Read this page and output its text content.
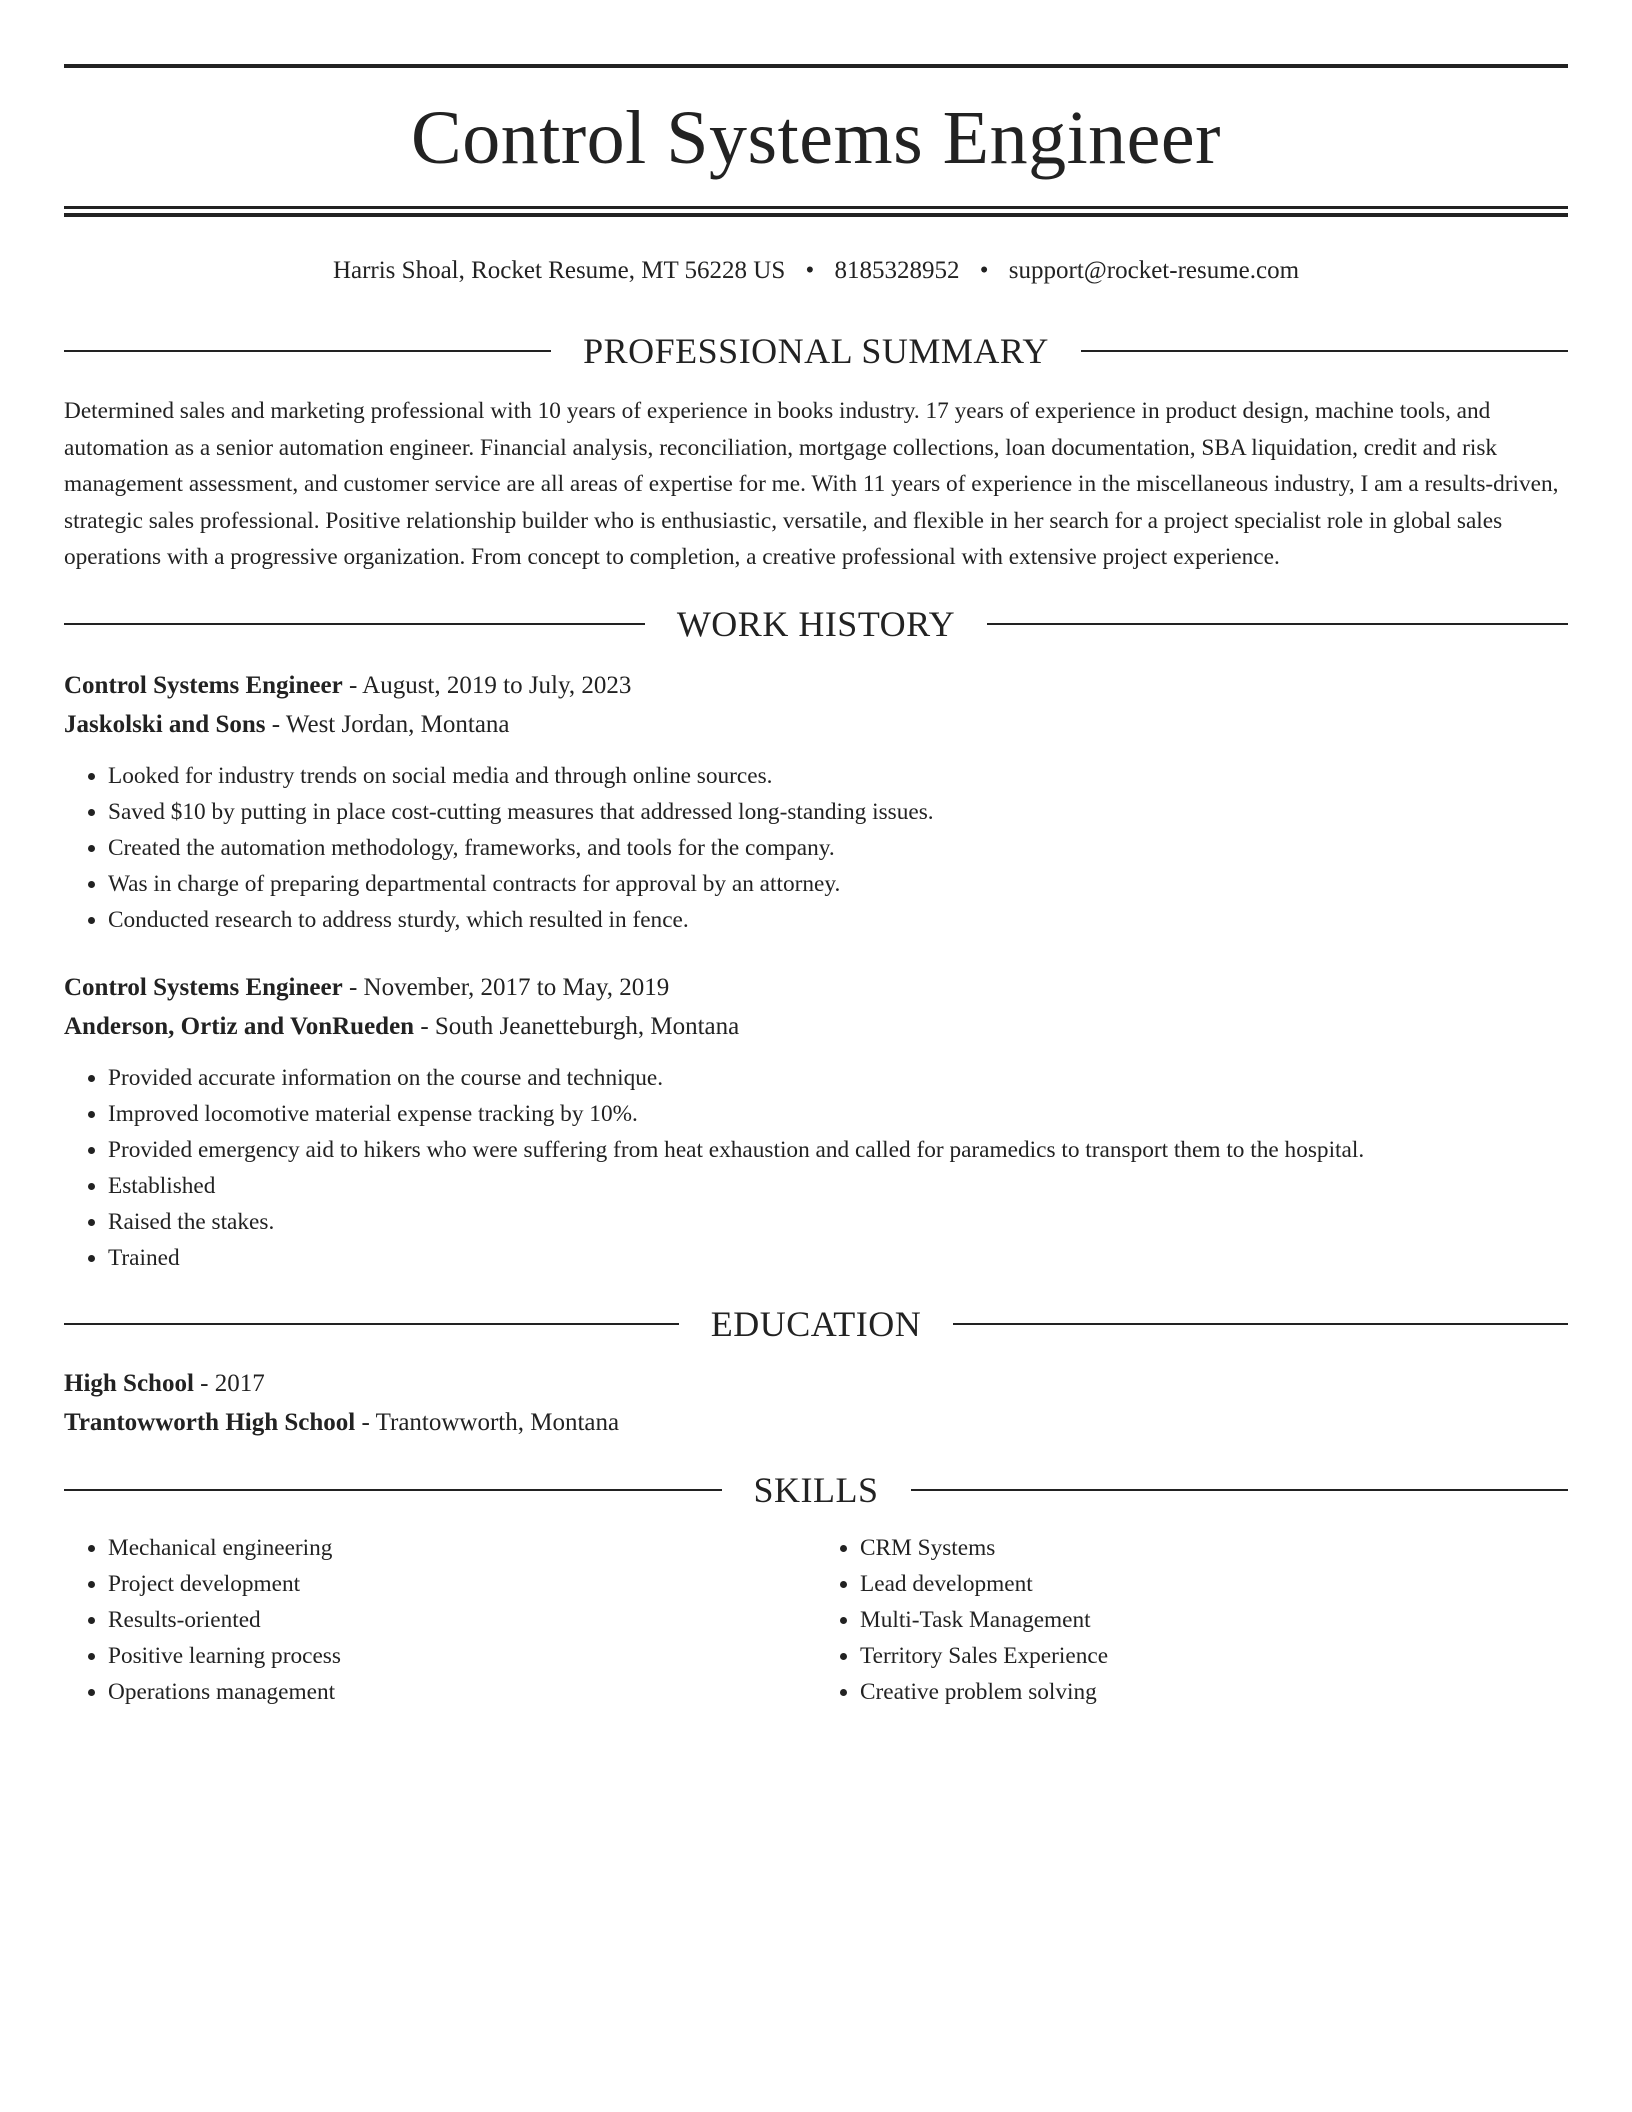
Control Systems Engineer
Harris Shoal, Rocket Resume, MT 56228 US • 8185328952 • support@rocket-resume.com
PROFESSIONAL SUMMARY

Determined sales and marketing professional with 10 years of experience in books industry. 17 years of experience in product design, machine tools, and automation as a senior automation engineer. Financial analysis, reconciliation, mortgage collections, loan documentation, SBA liquidation, credit and risk management assessment, and customer service are all areas of expertise for me. With 11 years of experience in the miscellaneous industry, I am a results-driven, strategic sales professional. Positive relationship builder who is enthusiastic, versatile, and flexible in her search for a project specialist role in global sales operations with a progressive organization. From concept to completion, a creative professional with extensive project experience.

WORK HISTORY
Control Systems Engineer - August, 2019 to July, 2023
Jaskolski and Sons - West Jordan, Montana
• Looked for industry trends on social media and through online sources.
• Saved $10 by putting in place cost-cutting measures that addressed long-standing issues.
• Created the automation methodology, frameworks, and tools for the company.
• Was in charge of preparing departmental contracts for approval by an attorney.
• Conducted research to address sturdy, which resulted in fence.
Control Systems Engineer - November, 2017 to May, 2019
Anderson, Ortiz and VonRueden - South Jeanetteburgh, Montana
• Provided accurate information on the course and technique.
• Improved locomotive material expense tracking by 10%.
• Provided emergency aid to hikers who were suffering from heat exhaustion and called for paramedics to transport them to the hospital.
• Established
• Raised the stakes.
• Trained
EDUCATION
High School - 2017
Trantowworth High School - Trantowworth, Montana
SKILLS
• Mechanical engineering
• Project development
• Results-oriented
• Positive learning process
• Operations management
• CRM Systems
• Lead development
• Multi-Task Management
• Territory Sales Experience
• Creative problem solving
